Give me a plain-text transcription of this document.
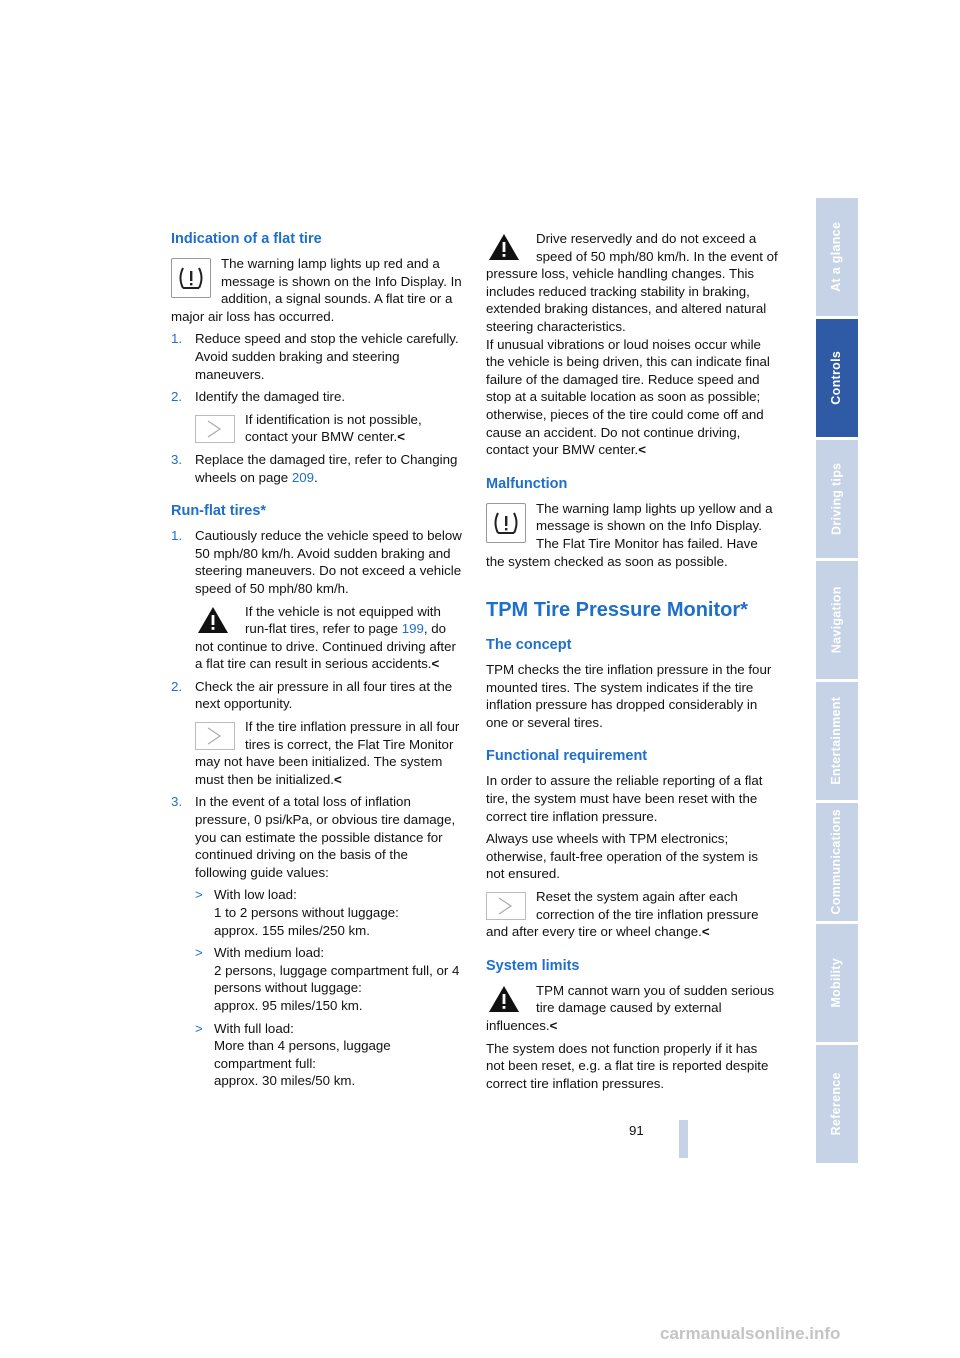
Indication of a flat tire
The warning lamp lights up red and a message is shown on the Info Display. In addition, a signal sounds. A flat tire or a major air loss has occurred.
1. Reduce speed and stop the vehicle carefully. Avoid sudden braking and steering maneuvers.
2. Identify the damaged tire.
If identification is not possible, contact your BMW center.<
3. Replace the damaged tire, refer to Changing wheels on page 209.
Run-flat tires*
1. Cautiously reduce the vehicle speed to below 50 mph/80 km/h. Avoid sudden braking and steering maneuvers. Do not exceed a vehicle speed of 50 mph/80 km/h.
If the vehicle is not equipped with run-flat tires, refer to page 199, do not continue to drive. Continued driving after a flat tire can result in serious accidents.<
2. Check the air pressure in all four tires at the next opportunity.
If the tire inflation pressure in all four tires is correct, the Flat Tire Monitor may not have been initialized. The system must then be initialized.<
3. In the event of a total loss of inflation pressure, 0 psi/kPa, or obvious tire damage, you can estimate the possible distance for continued driving on the basis of the following guide values:
> With low load:
1 to 2 persons without luggage:
approx. 155 miles/250 km.
> With medium load:
2 persons, luggage compartment full, or 4 persons without luggage:
approx. 95 miles/150 km.
> With full load:
More than 4 persons, luggage compartment full:
approx. 30 miles/50 km.
Drive reservedly and do not exceed a speed of 50 mph/80 km/h. In the event of pressure loss, vehicle handling changes. This includes reduced tracking stability in braking, extended braking distances, and altered natural steering characteristics.
If unusual vibrations or loud noises occur while the vehicle is being driven, this can indicate final failure of the damaged tire. Reduce speed and stop at a suitable location as soon as possible; otherwise, pieces of the tire could come off and cause an accident. Do not continue driving, contact your BMW center.<
Malfunction
The warning lamp lights up yellow and a message is shown on the Info Display. The Flat Tire Monitor has failed. Have the system checked as soon as possible.
TPM Tire Pressure Monitor*
The concept

TPM checks the tire inflation pressure in the four mounted tires. The system indicates if the tire inflation pressure has dropped considerably in one or several tires.

Functional requirement

In order to assure the reliable reporting of a flat tire, the system must have been reset with the correct tire inflation pressure.

Always use wheels with TPM electronics; otherwise, fault-free operation of the system is not ensured.

Reset the system again after each correction of the tire inflation pressure and after every tire or wheel change.<
System limits
TPM cannot warn you of sudden serious tire damage caused by external influences.<

The system does not function properly if it has not been reset, e.g. a flat tire is reported despite correct tire inflation pressures.

At a glance
Controls
Driving tips
Navigation
Entertainment
Communications
Mobility
Reference
91
carmanualsonline.info
